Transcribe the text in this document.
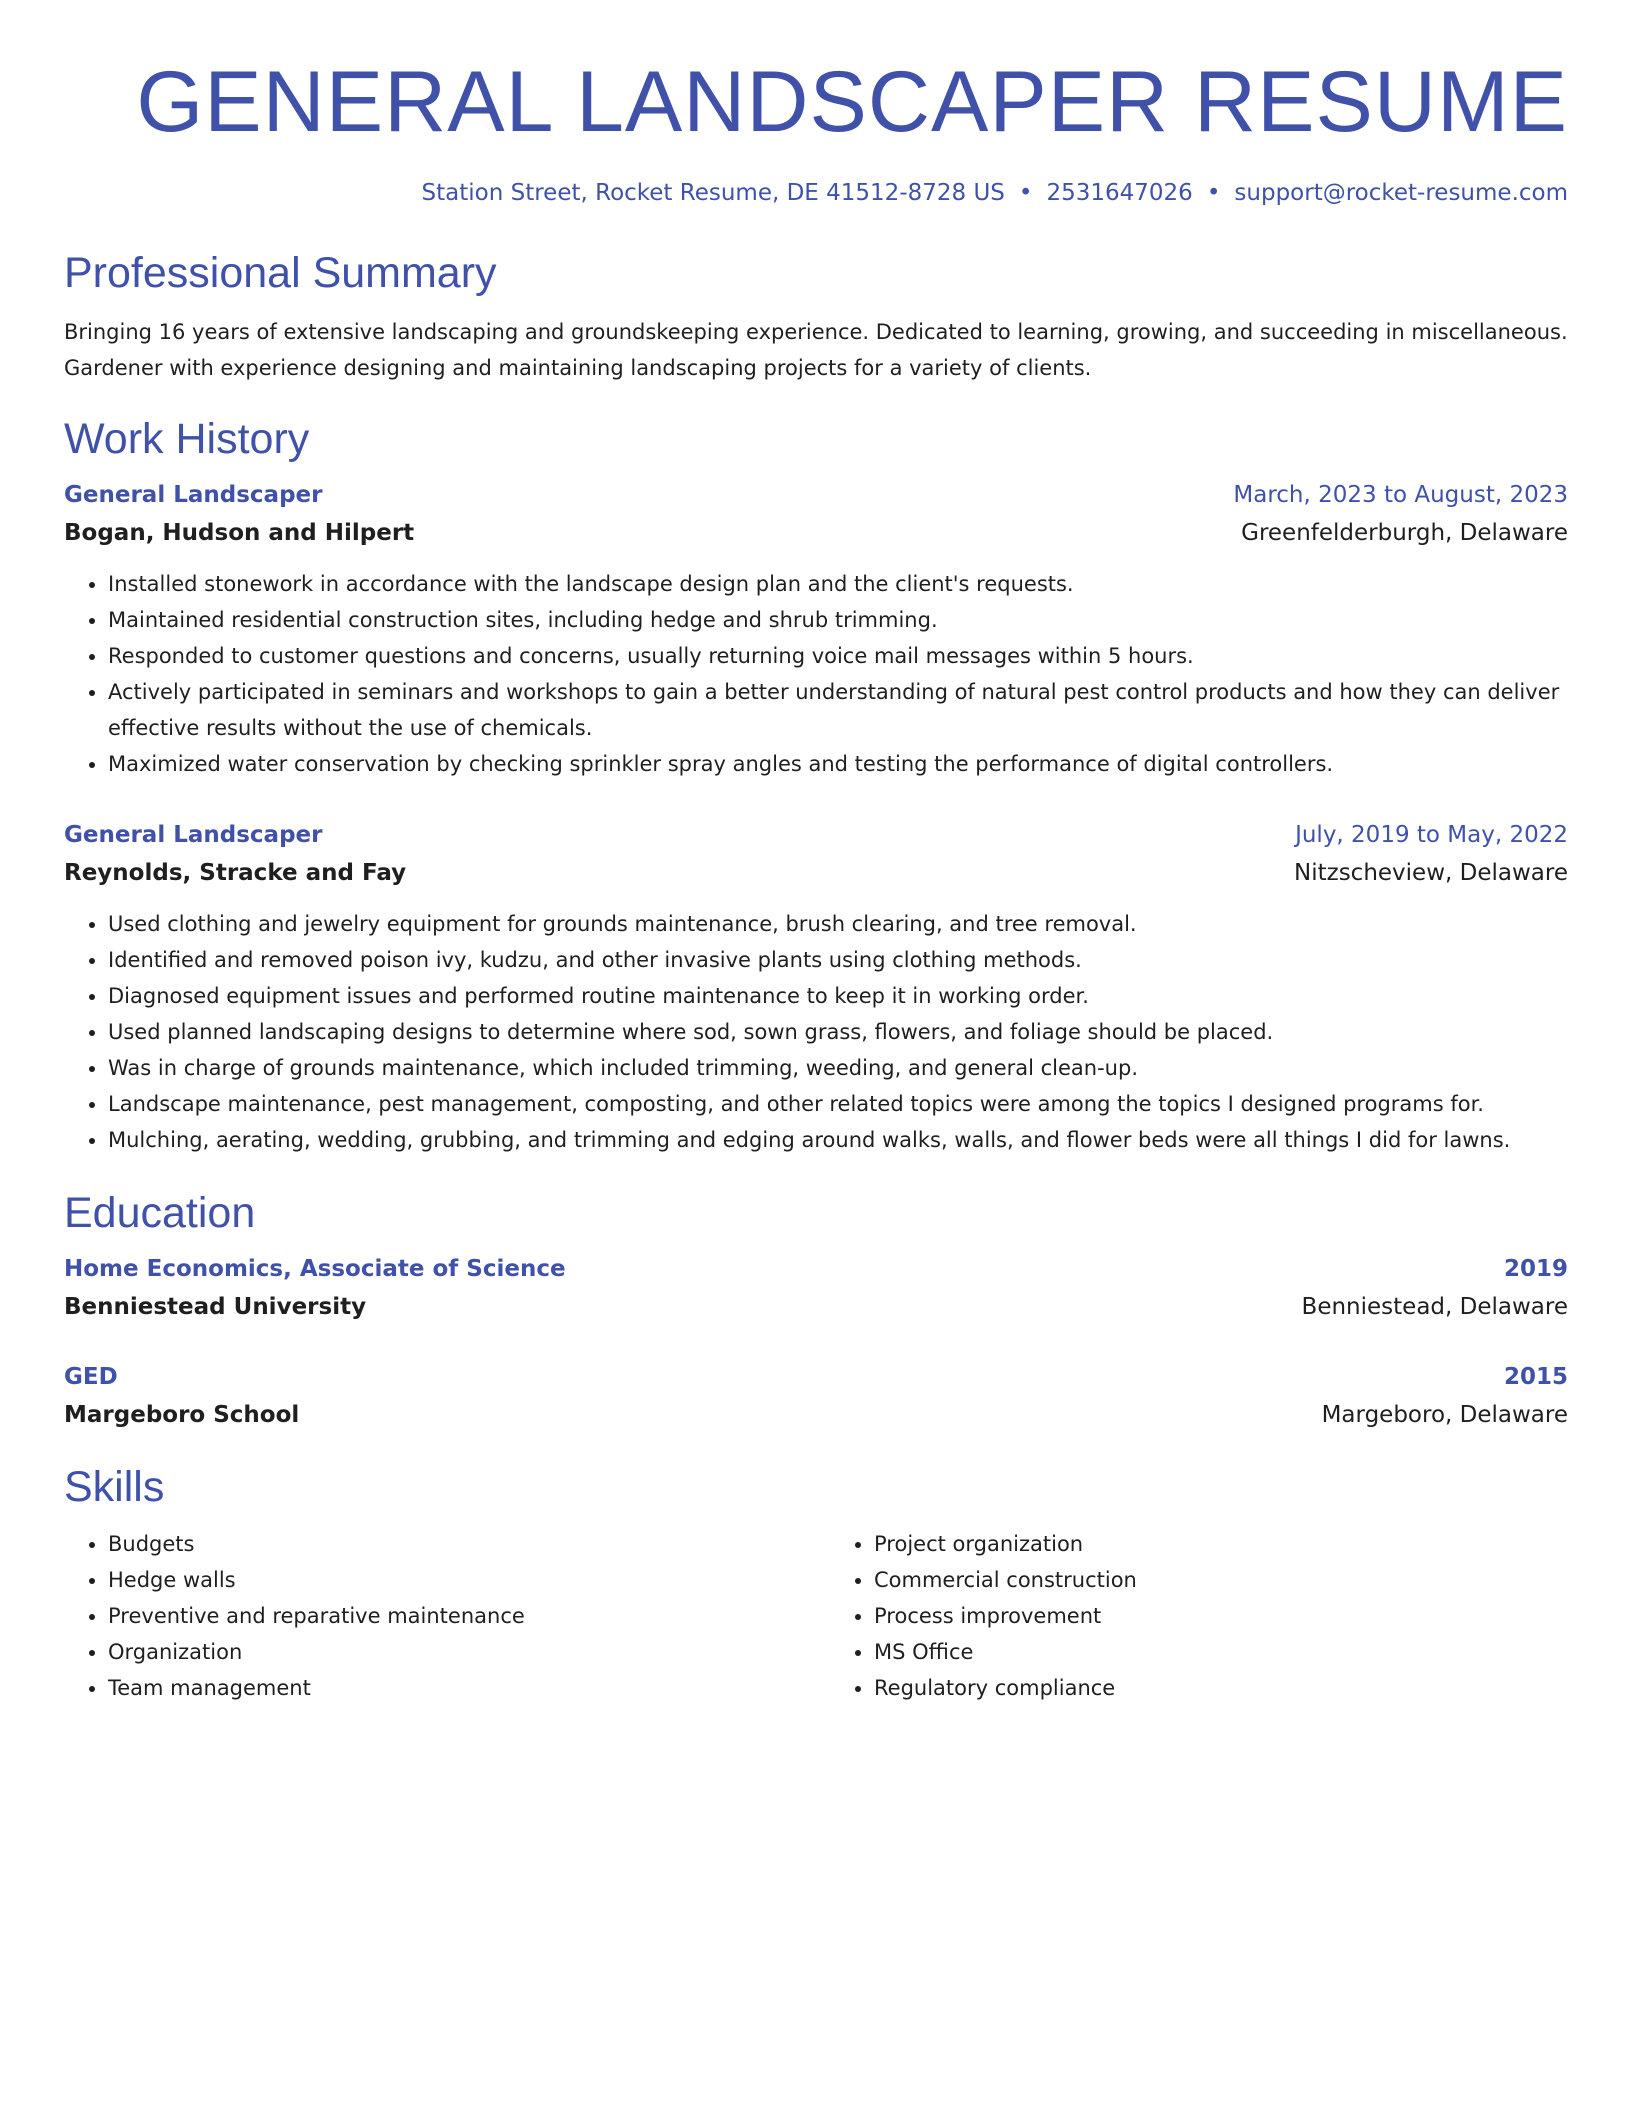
GENERAL LANDSCAPER RESUME
Station Street, Rocket Resume, DE 41512-8728 US • 2531647026 • support@rocket-resume.com
Professional Summary
Bringing 16 years of extensive landscaping and groundskeeping experience. Dedicated to learning, growing, and succeeding in miscellaneous. Gardener with experience designing and maintaining landscaping projects for a variety of clients.
Work History
General Landscaper	March, 2023 to August, 2023
Bogan, Hudson and Hilpert	Greenfelderburgh, Delaware
• Installed stonework in accordance with the landscape design plan and the client's requests.
• Maintained residential construction sites, including hedge and shrub trimming.
• Responded to customer questions and concerns, usually returning voice mail messages within 5 hours.
• Actively participated in seminars and workshops to gain a better understanding of natural pest control products and how they can deliver effective results without the use of chemicals.
• Maximized water conservation by checking sprinkler spray angles and testing the performance of digital controllers.
General Landscaper	July, 2019 to May, 2022
Reynolds, Stracke and Fay	Nitzscheview, Delaware
• Used clothing and jewelry equipment for grounds maintenance, brush clearing, and tree removal.
• Identified and removed poison ivy, kudzu, and other invasive plants using clothing methods.
• Diagnosed equipment issues and performed routine maintenance to keep it in working order.
• Used planned landscaping designs to determine where sod, sown grass, flowers, and foliage should be placed.
• Was in charge of grounds maintenance, which included trimming, weeding, and general clean-up.
• Landscape maintenance, pest management, composting, and other related topics were among the topics I designed programs for.
• Mulching, aerating, wedding, grubbing, and trimming and edging around walks, walls, and flower beds were all things I did for lawns.
Education
Home Economics, Associate of Science	2019
Benniestead University	Benniestead, Delaware
GED	2015
Margeboro School	Margeboro, Delaware
Skills
• Budgets
• Hedge walls
• Preventive and reparative maintenance
• Organization
• Team management
• Project organization
• Commercial construction
• Process improvement
• MS Office
• Regulatory compliance
